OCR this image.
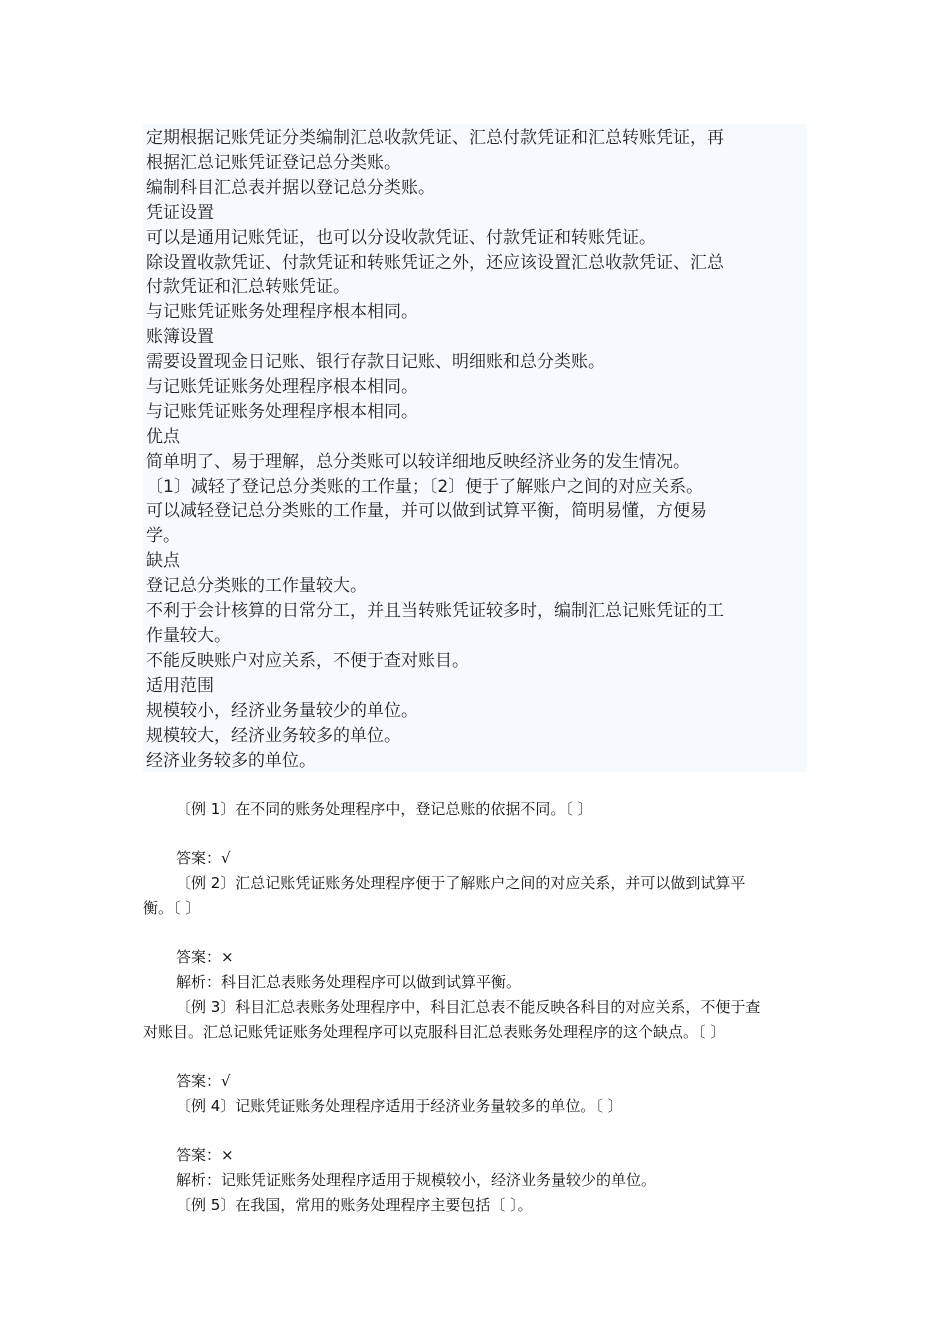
定期根据记账凭证分类编制汇总收款凭证、汇总付款凭证和汇总转账凭证，再

根据汇总记账凭证登记总分类账。

编制科目汇总表并据以登记总分类账。

凭证设置

可以是通用记账凭证，也可以分设收款凭证、付款凭证和转账凭证。

除设置收款凭证、付款凭证和转账凭证之外，还应该设置汇总收款凭证、汇总

付款凭证和汇总转账凭证。

与记账凭证账务处理程序根本相同。

账簿设置

需要设置现金日记账、银行存款日记账、明细账和总分类账。

与记账凭证账务处理程序根本相同。

与记账凭证账务处理程序根本相同。

优点

简单明了、易于理解，总分类账可以较详细地反映经济业务的发生情况。

〔1〕减轻了登记总分类账的工作量；〔2〕便于了解账户之间的对应关系。

可以减轻登记总分类账的工作量，并可以做到试算平衡，简明易懂，方便易

学。

缺点

登记总分类账的工作量较大。

不利于会计核算的日常分工，并且当转账凭证较多时，编制汇总记账凭证的工

作量较大。

不能反映账户对应关系，不便于查对账目。

适用范围

规模较小，经济业务量较少的单位。

规模较大，经济业务较多的单位。

经济业务较多的单位。

〔例 1〕在不同的账务处理程序中，登记总账的依据不同。〔 〕

答案：√

〔例 2〕汇总记账凭证账务处理程序便于了解账户之间的对应关系，并可以做到试算平

衡。〔 〕

答案：×

解析：科目汇总表账务处理程序可以做到试算平衡。

〔例 3〕科目汇总表账务处理程序中，科目汇总表不能反映各科目的对应关系，不便于查

对账目。汇总记账凭证账务处理程序可以克服科目汇总表账务处理程序的这个缺点。〔 〕

答案：√

〔例 4〕记账凭证账务处理程序适用于经济业务量较多的单位。〔 〕

答案：×

解析：记账凭证账务处理程序适用于规模较小，经济业务量较少的单位。

〔例 5〕在我国，常用的账务处理程序主要包括〔 〕。
